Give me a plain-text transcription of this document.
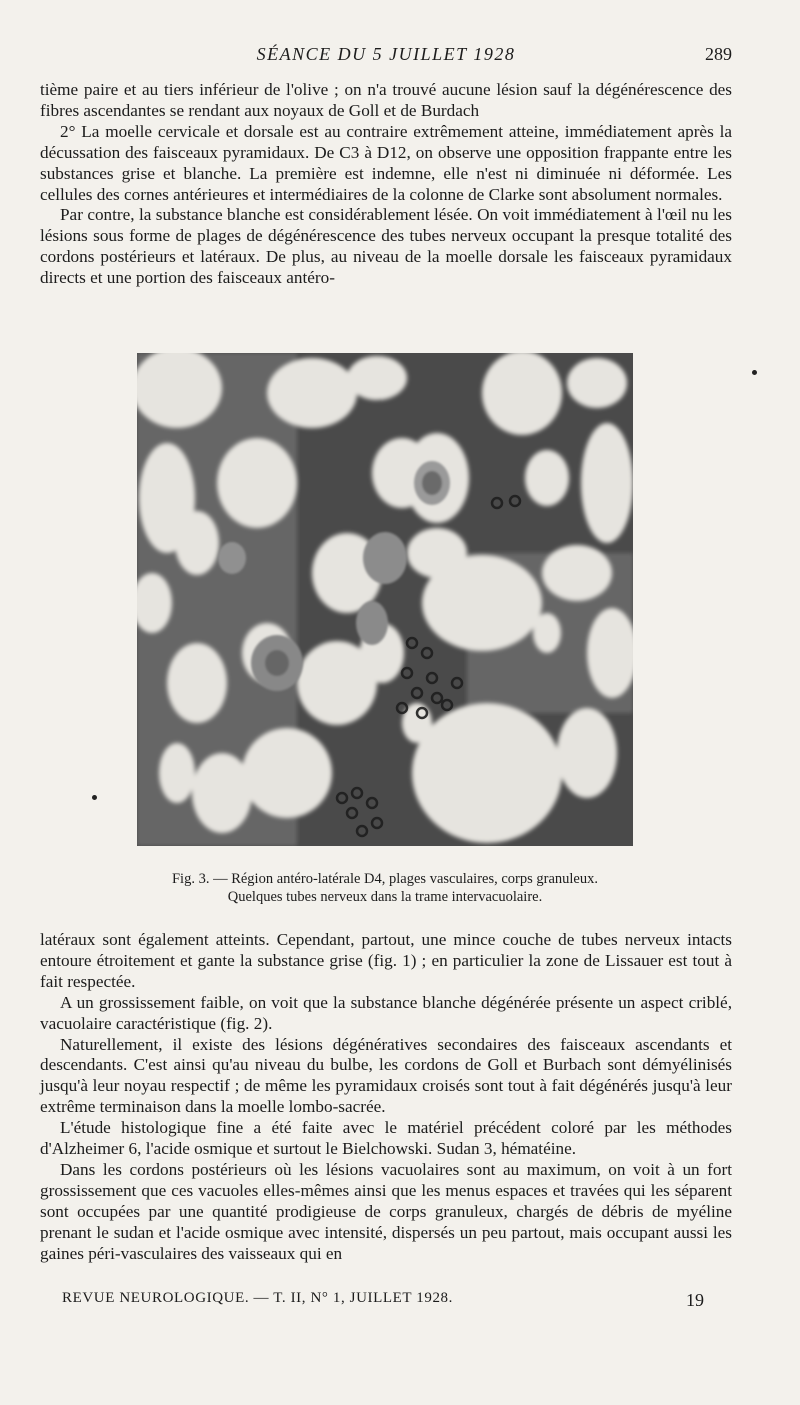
SÉANCE DU 5 JUILLET 1928	289

tième paire et au tiers inférieur de l'olive ; on n'a trouvé aucune lésion sauf la dégénérescence des fibres ascendantes se rendant aux noyaux de Goll et de Burdach

2° La moelle cervicale et dorsale est au contraire extrêmement atteine, immédiatement après la décussation des faisceaux pyramidaux. De C3 à D12, on observe une opposition frappante entre les substances grise et blanche. La première est indemne, elle n'est ni diminuée ni déformée. Les cellules des cornes antérieures et intermédiaires de la colonne de Clarke sont absolument normales.

Par contre, la substance blanche est considérablement lésée. On voit immédiatement à l'œil nu les lésions sous forme de plages de dégénérescence des tubes nerveux occupant la presque totalité des cordons postérieurs et latéraux. De plus, au niveau de la moelle dorsale les faisceaux pyramidaux directs et une portion des faisceaux antéro-

Fig. 3. — Région antéro-latérale D4, plages vasculaires, corps granuleux.
Quelques tubes nerveux dans la trame intervacuolaire.

latéraux sont également atteints. Cependant, partout, une mince couche de tubes nerveux intacts entoure étroitement et gante la substance grise (fig. 1) ; en particulier la zone de Lissauer est tout à fait respectée.

A un grossissement faible, on voit que la substance blanche dégénérée présente un aspect criblé, vacuolaire caractéristique (fig. 2).

Naturellement, il existe des lésions dégénératives secondaires des faisceaux ascendants et descendants. C'est ainsi qu'au niveau du bulbe, les cordons de Goll et Burbach sont démyélinisés jusqu'à leur noyau respectif ; de même les pyramidaux croisés sont tout à fait dégénérés jusqu'à leur extrême terminaison dans la moelle lombo-sacrée.

L'étude histologique fine a été faite avec le matériel précédent coloré par les méthodes d'Alzheimer 6, l'acide osmique et surtout le Bielchowski. Sudan 3, hématéine.

Dans les cordons postérieurs où les lésions vacuolaires sont au maximum, on voit à un fort grossissement que ces vacuoles elles-mêmes ainsi que les menus espaces et travées qui les séparent sont occupées par une quantité prodigieuse de corps granuleux, chargés de débris de myéline prenant le sudan et l'acide osmique avec intensité, dispersés un peu partout, mais occupant aussi les gaines péri-vasculaires des vaisseaux qui en

REVUE NEUROLOGIQUE. — T. II, N° 1, JUILLET 1928.	19
